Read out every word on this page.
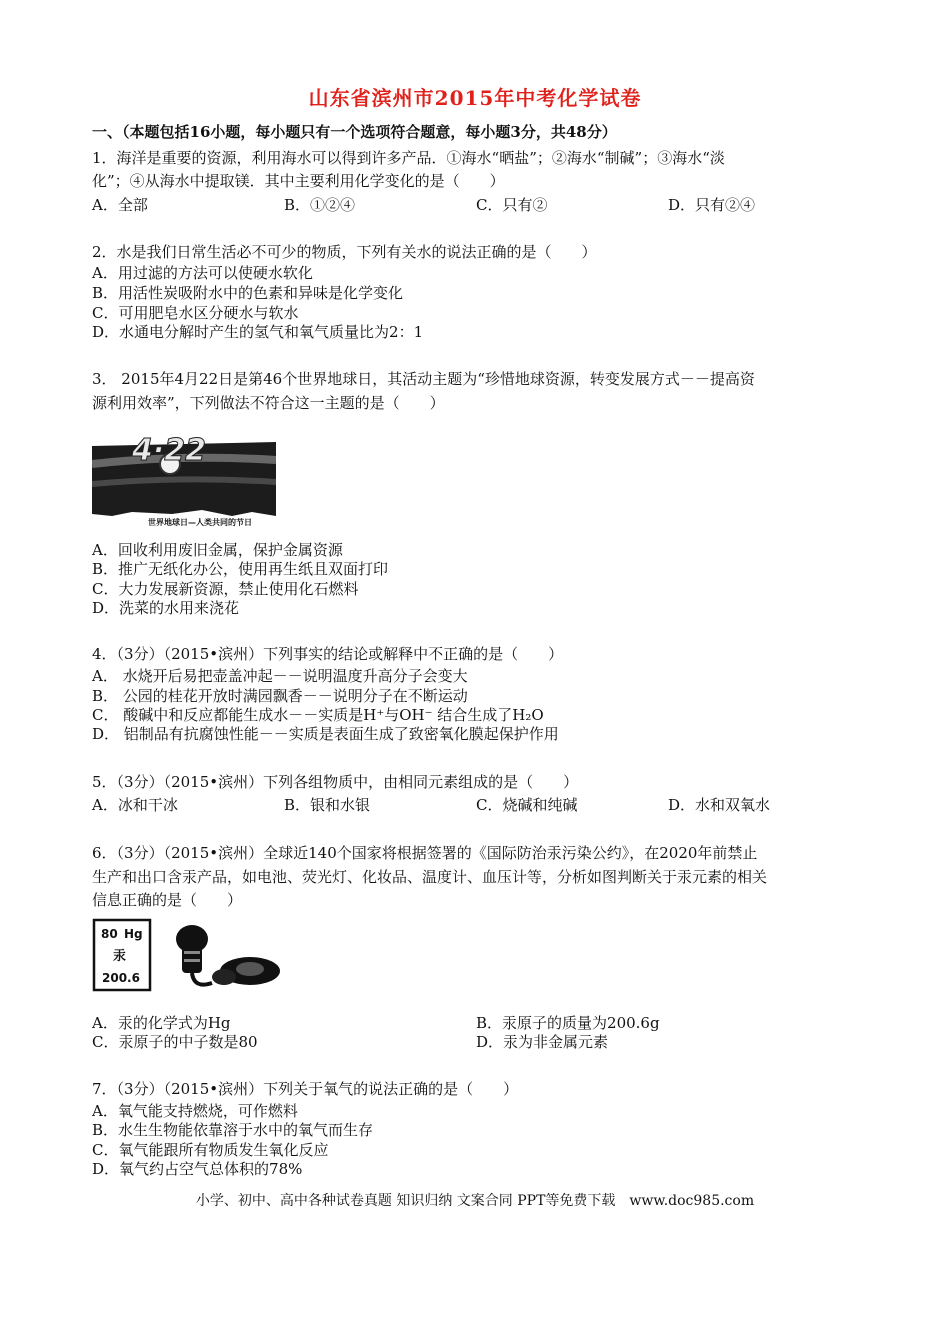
山东省滨州市2015年中考化学试卷
一、（本题包括16小题，每小题只有一个选项符合题意，每小题3分，共48分）
1．海洋是重要的资源，利用海水可以得到许多产品．①海水“晒盐”；②海水“制碱”；③海水“淡
化”；④从海水中提取镁．其中主要利用化学变化的是（　　）
A．全部	B．①②④	C．只有②	D．只有②④
2．水是我们日常生活必不可少的物质，下列有关水的说法正确的是（　　）
A．用过滤的方法可以使硬水软化
B．用活性炭吸附水中的色素和异味是化学变化
C．可用肥皂水区分硬水与软水
D．水通电分解时产生的氢气和氧气质量比为2：1
3． 2015年4月22日是第46个世界地球日，其活动主题为“珍惜地球资源，转变发展方式－－提高资
源利用效率”，下列做法不符合这一主题的是（　　）
4·22
世界地球日—人类共同的节日
A．回收利用废旧金属，保护金属资源
B．推广无纸化办公，使用再生纸且双面打印
C．大力发展新资源，禁止使用化石燃料
D．洗菜的水用来浇花
4．（3分）（2015•滨州）下列事实的结论或解释中不正确的是（　　）
A． 水烧开后易把壶盖冲起－－说明温度升高分子会变大
B． 公园的桂花开放时满园飘香－－说明分子在不断运动
C． 酸碱中和反应都能生成水－－实质是H⁺与OH⁻ 结合生成了H₂O
D． 铝制品有抗腐蚀性能－－实质是表面生成了致密氧化膜起保护作用
5．（3分）（2015•滨州）下列各组物质中，由相同元素组成的是（　　）
A．冰和干冰	B．银和水银	C．烧碱和纯碱	D．水和双氧水
6．（3分）（2015•滨州）全球近140个国家将根据签署的《国际防治汞污染公约》，在2020年前禁止
生产和出口含汞产品，如电池、荧光灯、化妆品、温度计、血压计等，分析如图判断关于汞元素的相关
信息正确的是（　　）
80 Hg
汞
200.6
A．汞的化学式为Hg	B．汞原子的质量为200.6g
C．汞原子的中子数是80	D．汞为非金属元素
7．（3分）（2015•滨州）下列关于氧气的说法正确的是（　　）
A．氧气能支持燃烧，可作燃料
B．水生生物能依靠溶于水中的氧气而生存
C．氧气能跟所有物质发生氧化反应
D．氧气约占空气总体积的78%
小学、初中、高中各种试卷真题 知识归纳 文案合同 PPT等免费下载　www.doc985.com
